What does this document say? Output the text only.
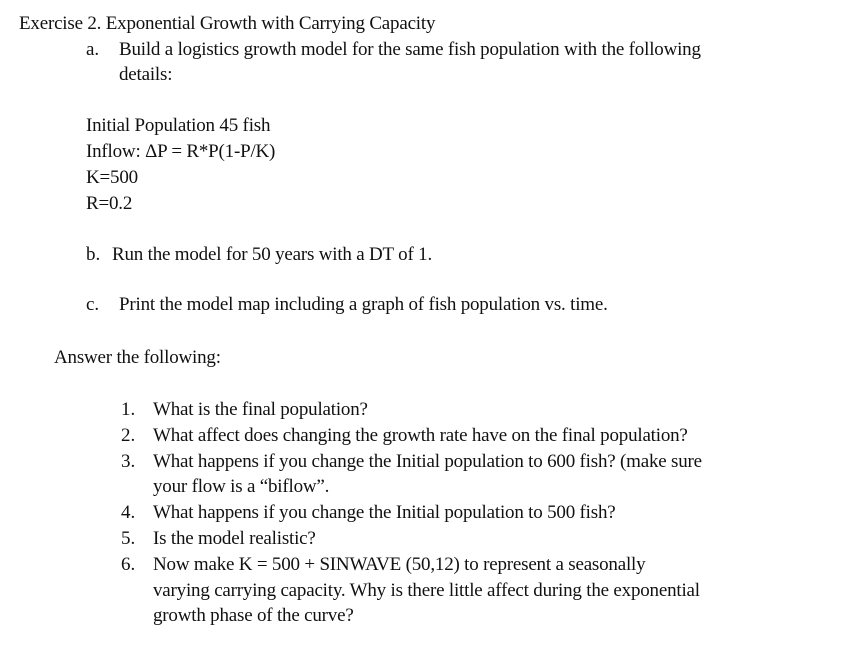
Exercise 2. Exponential Growth with Carrying Capacity
a. Build a logistics growth model for the same fish population with the following
details:
Initial Population 45 fish
Inflow: ΔP = R*P(1-P/K)
K=500
R=0.2
b. Run the model for 50 years with a DT of 1.
c. Print the model map including a graph of fish population vs. time.
Answer the following:
1. What is the final population?
2. What affect does changing the growth rate have on the final population?
3. What happens if you change the Initial population to 600 fish? (make sure
your flow is a “biflow”.
4. What happens if you change the Initial population to 500 fish?
5. Is the model realistic?
6. Now make K = 500 + SINWAVE (50,12) to represent a seasonally
varying carrying capacity. Why is there little affect during the exponential
growth phase of the curve?
